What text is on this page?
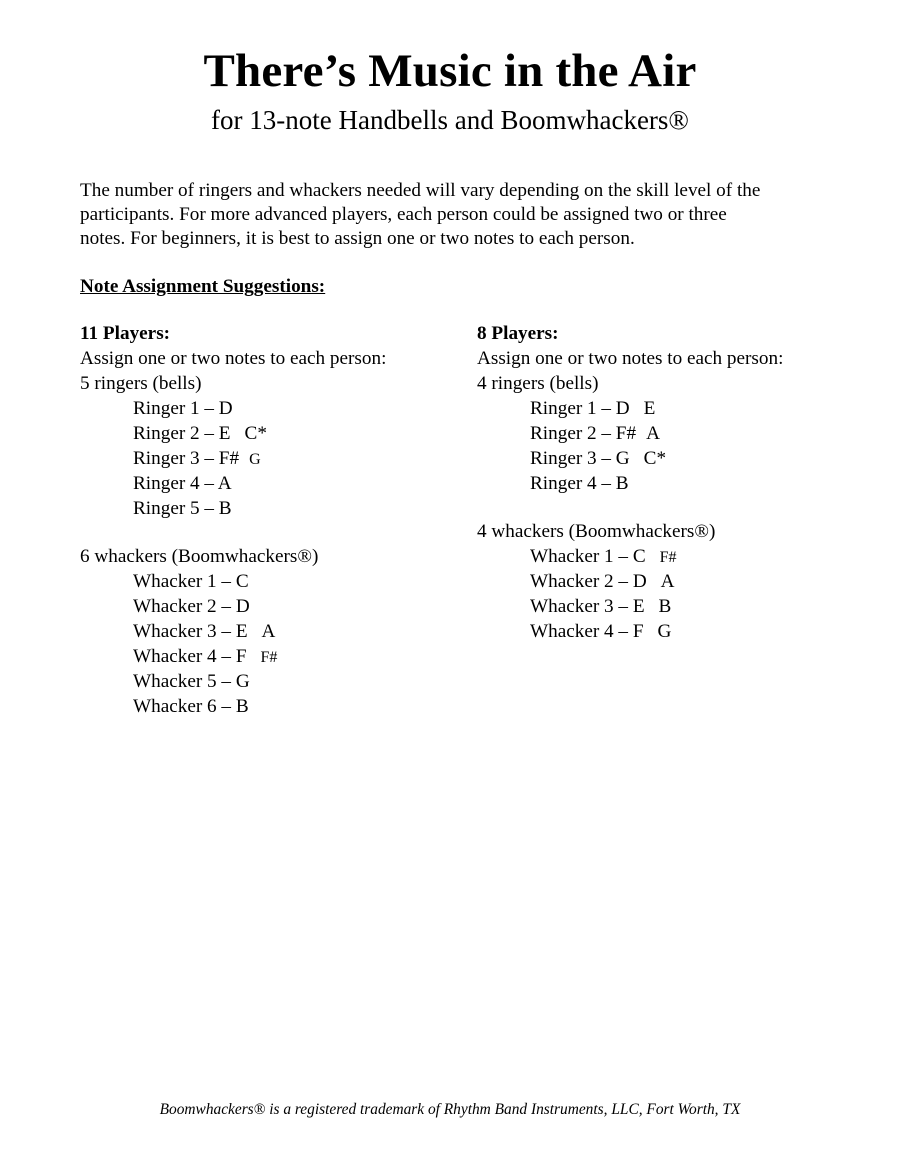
There’s Music in the Air
for 13-note Handbells and Boomwhackers®
The number of ringers and whackers needed will vary depending on the skill level of the
participants. For more advanced players, each person could be assigned two or three
notes. For beginners, it is best to assign one or two notes to each person.
Note Assignment Suggestions:
11 Players:
Assign one or two notes to each person:
5 ringers (bells)
Ringer 1 – D
Ringer 2 – E C*
Ringer 3 – F# G
Ringer 4 – A
Ringer 5 – B
6 whackers (Boomwhackers®)
Whacker 1 – C
Whacker 2 – D
Whacker 3 – E A
Whacker 4 – F F#
Whacker 5 – G
Whacker 6 – B
8 Players:
Assign one or two notes to each person:
4 ringers (bells)
Ringer 1 – D E
Ringer 2 – F# A
Ringer 3 – G C*
Ringer 4 – B
4 whackers (Boomwhackers®)
Whacker 1 – C F#
Whacker 2 – D A
Whacker 3 – E B
Whacker 4 – F G
Boomwhackers® is a registered trademark of Rhythm Band Instruments, LLC, Fort Worth, TX
